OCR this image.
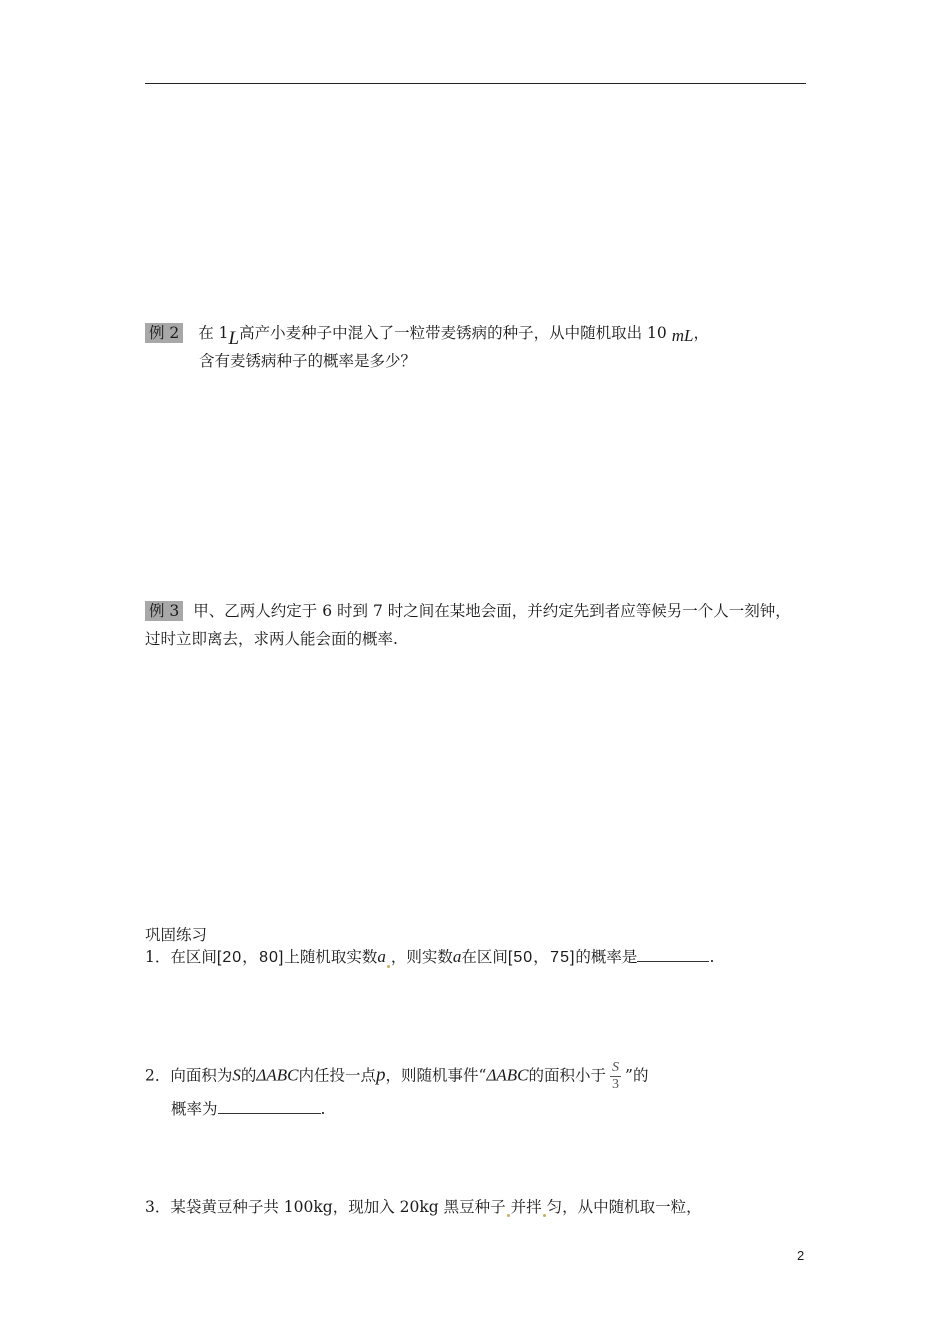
例 2 在 1L高产小麦种子中混入了一粒带麦锈病的种子，从中随机取出 10 mL，
含有麦锈病种子的概率是多少？
例 3 甲、乙两人约定于 6 时到 7 时之间在某地会面，并约定先到者应等候另一个人一刻钟，
过时立即离去，求两人能会面的概率.
巩固练习
1．在区间[20，80]上随机取实数a ，则实数a在区间[50，75]的概率是	.
2．向面积为S的ΔABC内任投一点p，则随机事件“ΔABC的面积小于 $\frac{S}{3}$ ”的
概率为	.
3．某袋黄豆种子共 100kg，现加入 20kg 黑豆种子 并拌 匀，从中随机取一粒，
2
